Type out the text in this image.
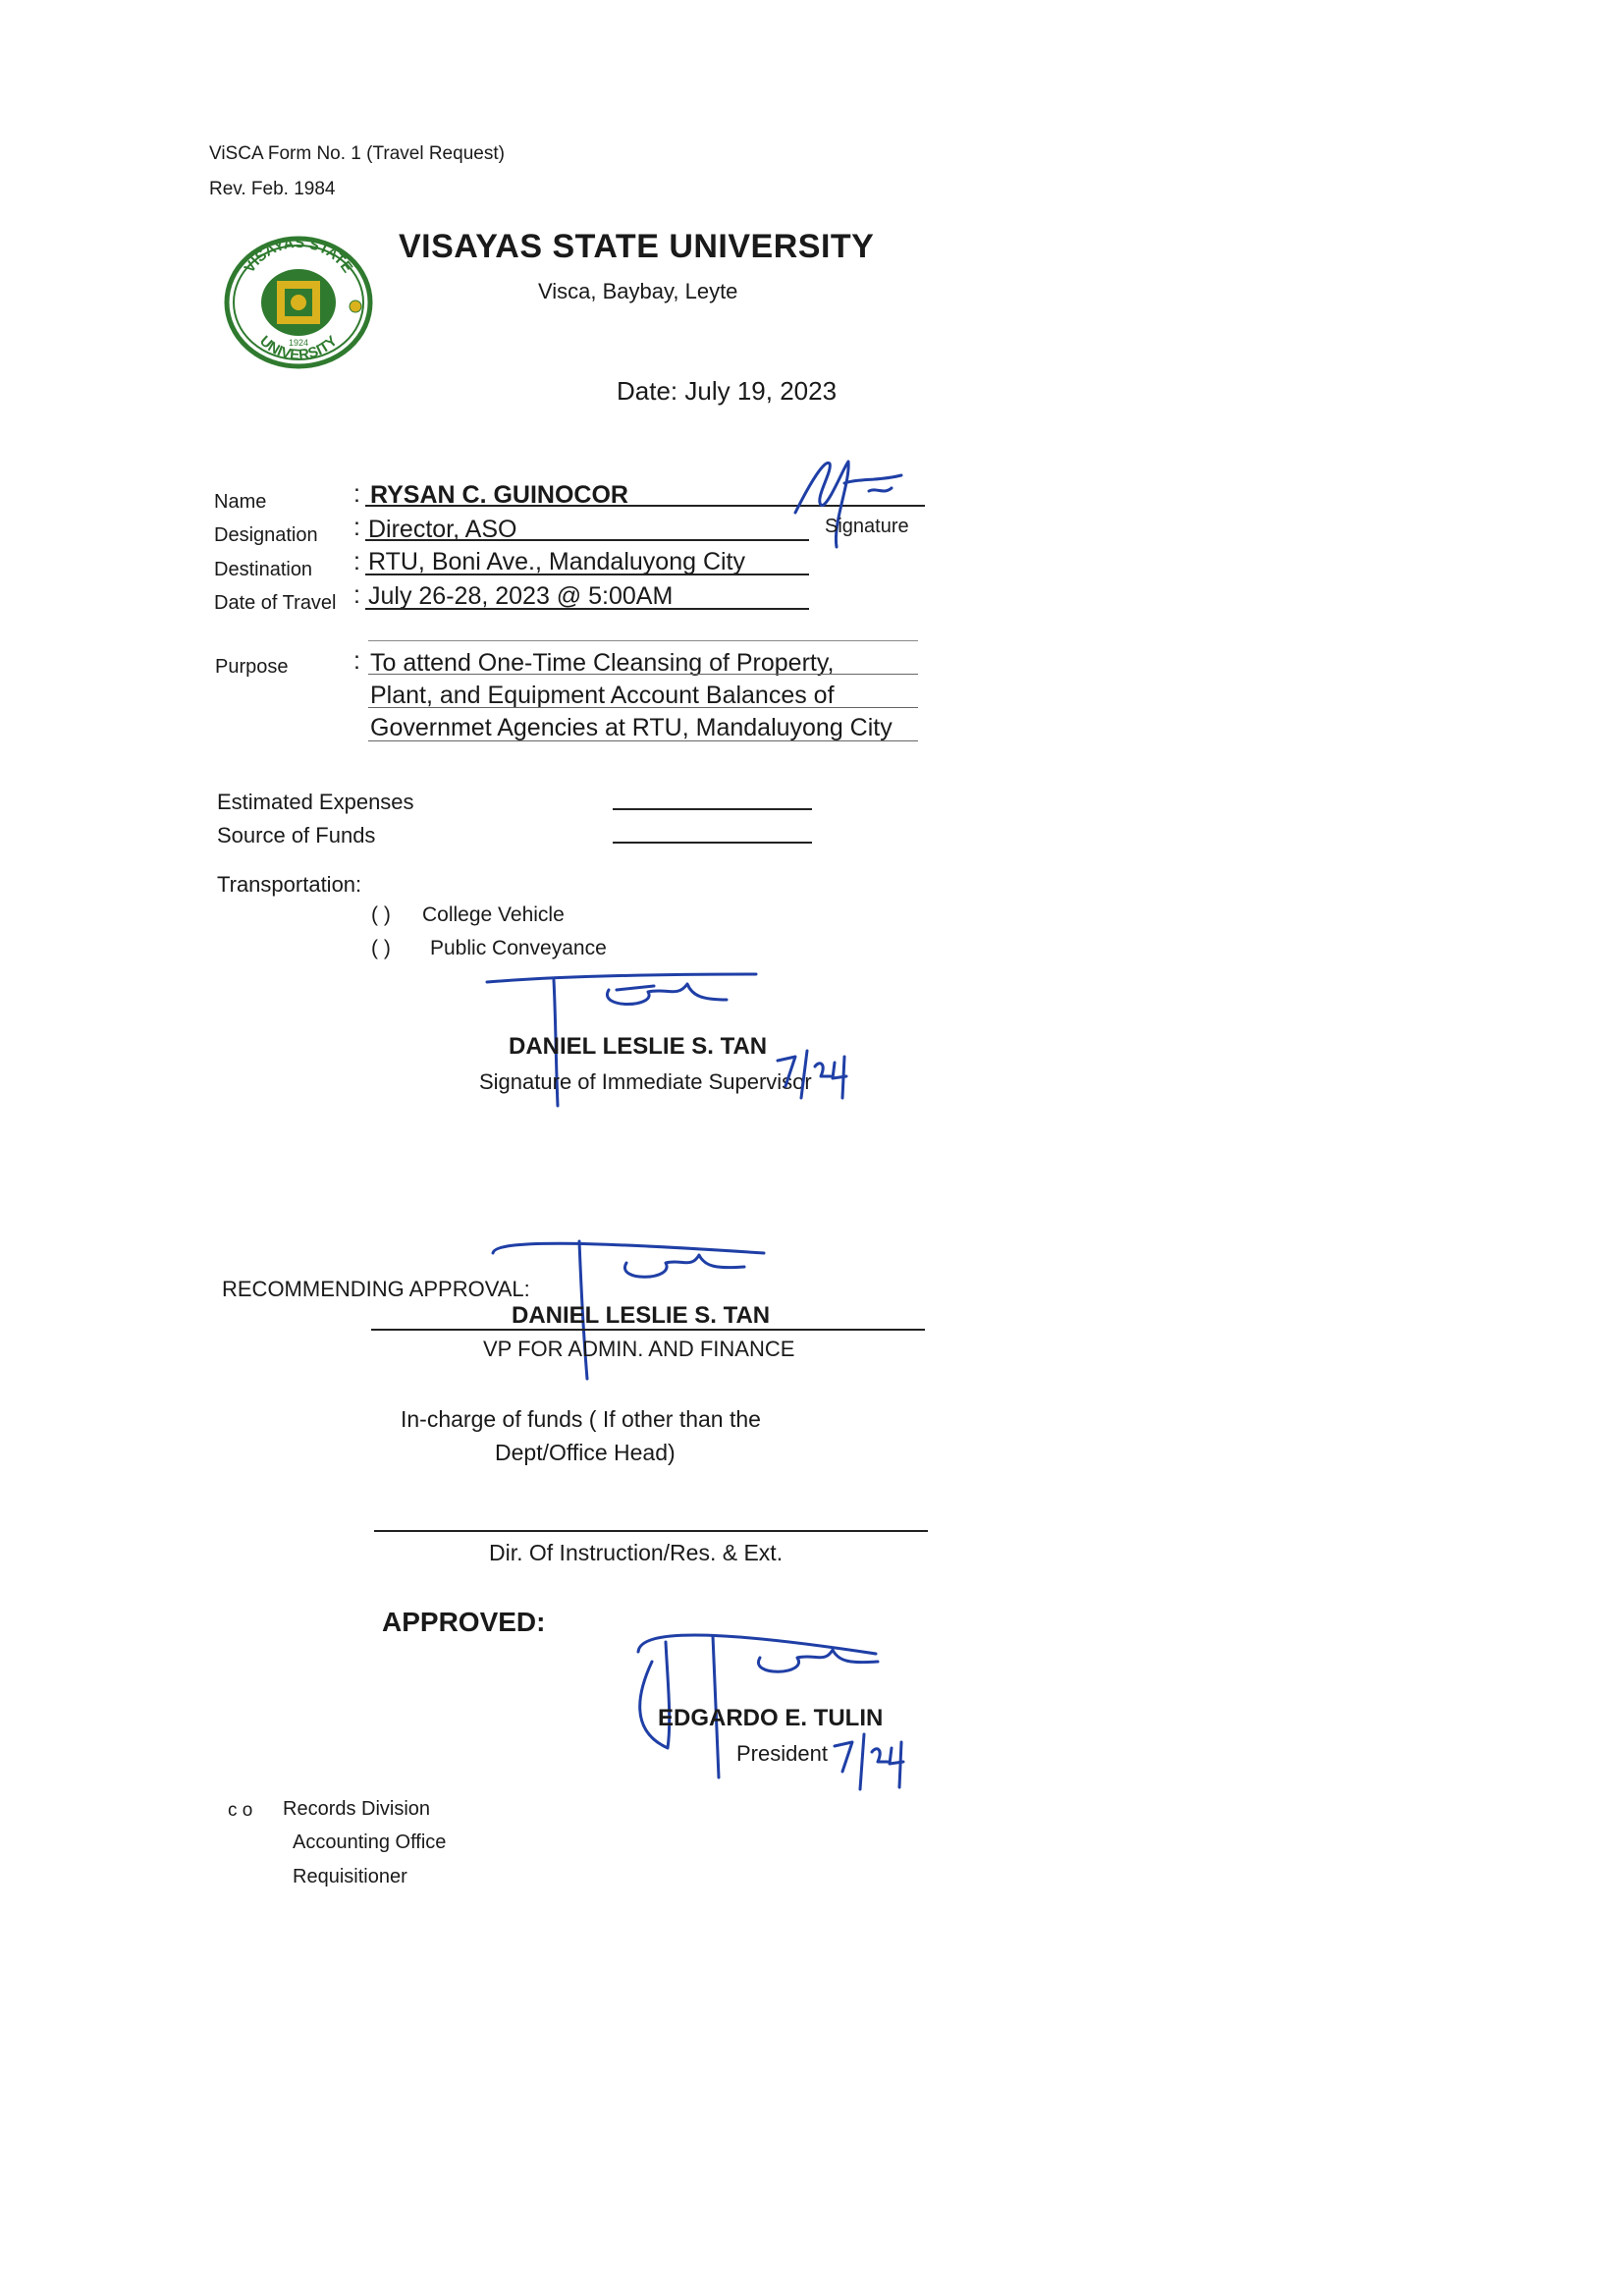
ViSCA Form No. 1 (Travel Request)
Rev. Feb. 1984
VISAYAS STATE
UNIVERSITY
1924
VISAYAS STATE UNIVERSITY
Visca, Baybay, Leyte
Date: July 19, 2023
Name	: RYSAN C. GUINOCOR
Signature
Designation : Director, ASO
Destination : RTU, Boni Ave., Mandaluyong City
Date of Travel : July 26-28, 2023 @ 5:00AM
Purpose	: To attend One-Time Cleansing of Property,
Plant, and Equipment Account Balances of
Governmet Agencies at RTU, Mandaluyong City
Estimated Expenses
Source of Funds
Transportation:
( ) College Vehicle
( ) Public Conveyance
DANIEL LESLIE S. TAN
Signature of Immediate Supervisor
RECOMMENDING APPROVAL:
DANIEL LESLIE S. TAN
VP FOR ADMIN. AND FINANCE
In-charge of funds ( If other than the
Dept/Office Head)
Dir. Of Instruction/Res. & Ext.
APPROVED:
EDGARDO E. TULIN
President
c o Records Division
Accounting Office
Requisitioner
